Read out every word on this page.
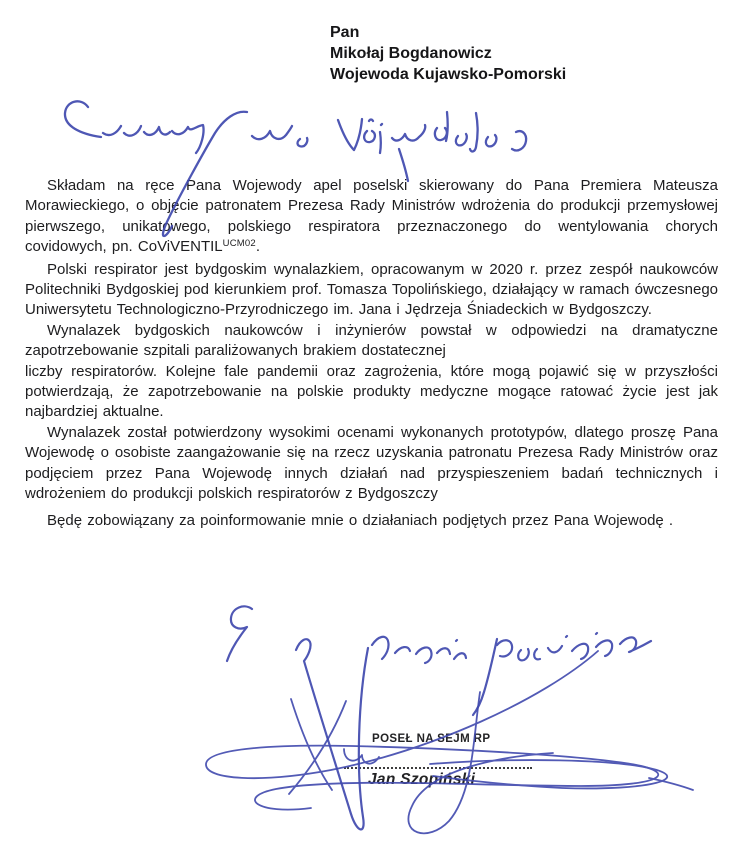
Pan
Mikołaj Bogdanowicz
Wojewoda Kujawsko-Pomorski

Składam na ręce Pana Wojewody apel poselski skierowany do Pana Premiera Mateusza Morawieckiego, o objęcie patronatem Prezesa Rady Ministrów wdrożenia do produkcji przemysłowej pierwszego, unikatowego, polskiego respiratora przeznaczonego do wentylowania chorych covidowych, pn. CoViVENTIL$^{UCM02}$.

Polski respirator jest bydgoskim wynalazkiem, opracowanym w 2020 r. przez zespół naukowców Politechniki Bydgoskiej pod kierunkiem prof. Tomasza Topolińskiego, działający w ramach ówczesnego Uniwersytetu Technologiczno-Przyrodniczego im. Jana i Jędrzeja Śniadeckich w Bydgoszczy.

Wynalazek bydgoskich naukowców i inżynierów powstał w odpowiedzi na dramatyczne zapotrzebowanie szpitali paraliżowanych brakiem dostatecznej

liczby respiratorów. Kolejne fale pandemii oraz zagrożenia, które mogą pojawić się w przyszłości potwierdzają, że zapotrzebowanie na polskie produkty medyczne mogące ratować życie jest jak najbardziej aktualne.

Wynalazek został potwierdzony wysokimi ocenami wykonanych prototypów, dlatego proszę Pana Wojewodę o osobiste zaangażowanie się na rzecz uzyskania patronatu Prezesa Rady Ministrów oraz podjęciem przez Pana Wojewodę innych działań nad przyspieszeniem badań technicznych i wdrożeniem do produkcji polskich respiratorów z Bydgoszczy

Będę zobowiązany za poinformowanie mnie o działaniach podjętych przez Pana Wojewodę .

POSEŁ NA SEJM RP
Jan Szopiński
